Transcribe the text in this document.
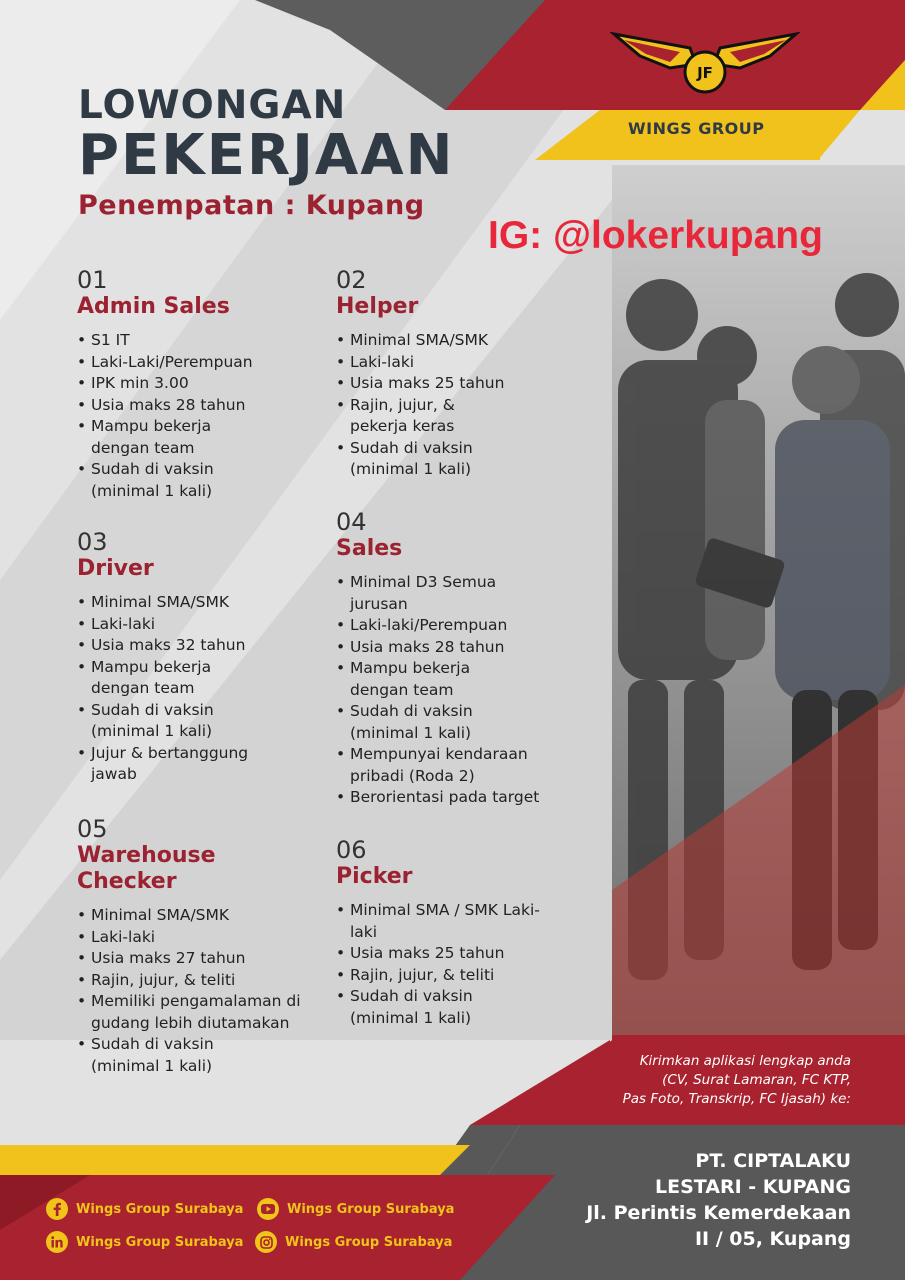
JF
WINGS GROUP
LOWONGAN
PEKERJAAN
Penempatan : Kupang
IG: @lokerkupang
01
Admin Sales
• S1 IT
• Laki-Laki/Perempuan
• IPK min 3.00
• Usia maks 28 tahun
• Mampu bekerja dengan team
• Sudah di vaksin (minimal 1 kali)
02
Helper
• Minimal SMA/SMK
• Laki-laki
• Usia maks 25 tahun
• Rajin, jujur, & pekerja keras
• Sudah di vaksin (minimal 1 kali)
03
Driver
• Minimal SMA/SMK
• Laki-laki
• Usia maks 32 tahun
• Mampu bekerja dengan team
• Sudah di vaksin (minimal 1 kali)
• Jujur & bertanggung jawab
04
Sales
• Minimal D3 Semua jurusan
• Laki-laki/Perempuan
• Usia maks 28 tahun
• Mampu bekerja dengan team
• Sudah di vaksin (minimal 1 kali)
• Mempunyai kendaraan pribadi (Roda 2)
• Berorientasi pada target
05
Warehouse
Checker
• Minimal SMA/SMK
• Laki-laki
• Usia maks 27 tahun
• Rajin, jujur, & teliti
• Memiliki pengamalaman di gudang lebih diutamakan
• Sudah di vaksin (minimal 1 kali)
06
Picker
• Minimal SMA / SMK Laki-laki
• Usia maks 25 tahun
• Rajin, jujur, & teliti
• Sudah di vaksin (minimal 1 kali)
Kirimkan aplikasi lengkap anda
(CV, Surat Lamaran, FC KTP,
Pas Foto, Transkrip, FC Ijasah) ke:
PT. CIPTALAKU
LESTARI - KUPANG
Jl. Perintis Kemerdekaan
II / 05, Kupang
Wings Group Surabaya	Wings Group Surabaya
Wings Group Surabaya	Wings Group Surabaya
